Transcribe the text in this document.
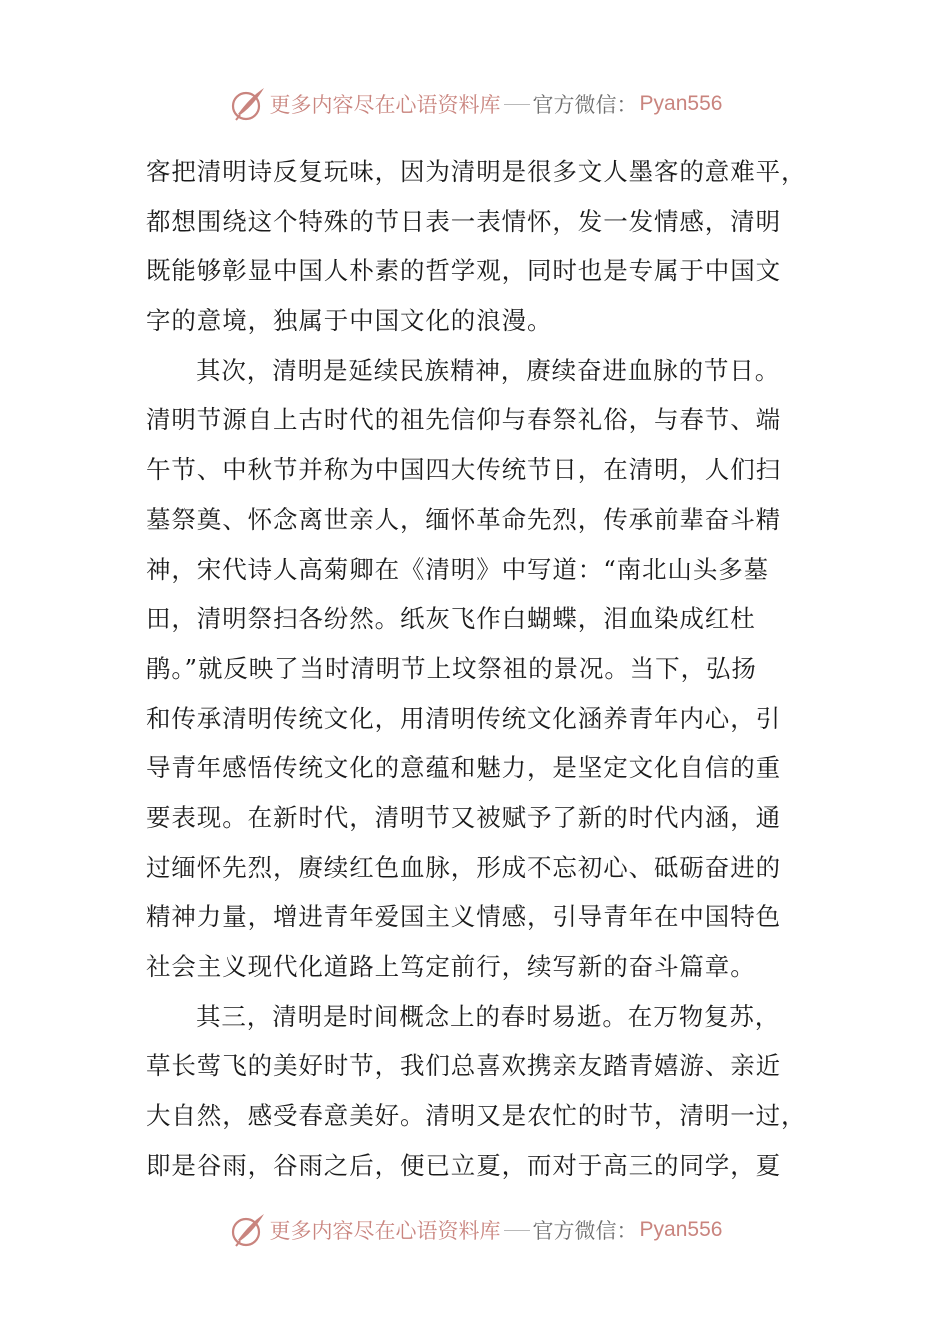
更多内容尽在心语资料库 官方微信： Pyan556
客把清明诗反复玩味，因为清明是很多文人墨客的意难平，
都想围绕这个特殊的节日表一表情怀，发一发情感，清明
既能够彰显中国人朴素的哲学观，同时也是专属于中国文
字的意境，独属于中国文化的浪漫。
其次，清明是延续民族精神，赓续奋进血脉的节日。
清明节源自上古时代的祖先信仰与春祭礼俗，与春节、端
午节、中秋节并称为中国四大传统节日，在清明，人们扫
墓祭奠、怀念离世亲人，缅怀革命先烈，传承前辈奋斗精
神，宋代诗人高菊卿在《清明》中写道：“南北山头多墓
田，清明祭扫各纷然。纸灰飞作白蝴蝶，泪血染成红杜
鹃。”就反映了当时清明节上坟祭祖的景况。当下，弘扬
和传承清明传统文化，用清明传统文化涵养青年内心，引
导青年感悟传统文化的意蕴和魅力，是坚定文化自信的重
要表现。在新时代，清明节又被赋予了新的时代内涵，通
过缅怀先烈，赓续红色血脉，形成不忘初心、砥砺奋进的
精神力量，增进青年爱国主义情感，引导青年在中国特色
社会主义现代化道路上笃定前行，续写新的奋斗篇章。
其三，清明是时间概念上的春时易逝。在万物复苏，
草长莺飞的美好时节，我们总喜欢携亲友踏青嬉游、亲近
大自然，感受春意美好。清明又是农忙的时节，清明一过，
即是谷雨，谷雨之后，便已立夏，而对于高三的同学，夏
更多内容尽在心语资料库 官方微信： Pyan556
